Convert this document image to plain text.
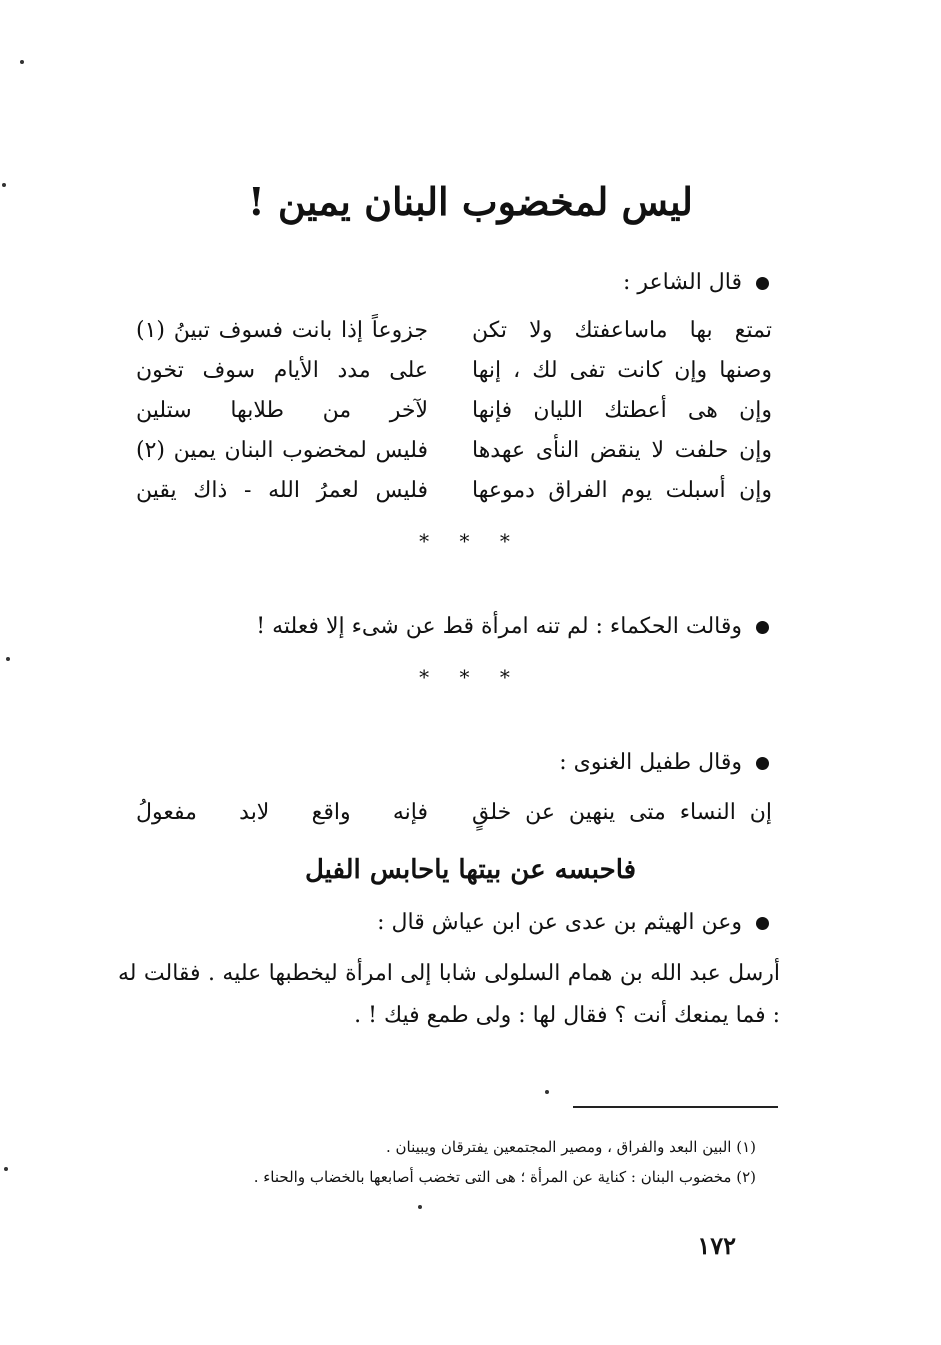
ليس لمخضوب البنان يمين !
قال الشاعر :
تمتع بها ماساعفتك ولا تكن
جزوعاً إذا بانت فسوف تبينُ (١)
وصنها وإن كانت تفى لك ، إنها
على مدد الأيام سوف تخون
وإن هى أعطتك الليان فإنها
لآخر من طلابها ستلين
وإن حلفت لا ينقض النأى عهدها
فليس لمخضوب البنان يمين (٢)
وإن أسبلت يوم الفراق دموعها
فليس لعمرُ الله - ذاك يقين
* * *
وقالت الحكماء : لم تنه امرأة قط عن شىء إلا فعلته !
* * *
وقال طفيل الغنوى :
إن النساء متى ينهين عن خلقٍ
فإنه واقع لابد مفعولُ
فاحبسه عن بيتها ياحابس الفيل
وعن الهيثم بن عدى عن ابن عياش قال :
أرسل عبد الله بن همام السلولى شابا إلى امرأة ليخطبها عليه . فقالت له : فما يمنعك أنت ؟ فقال لها : ولى طمع فيك ! .
(١) البين البعد والفراق ، ومصير المجتمعين يفترقان ويبينان .
(٢) مخضوب البنان : كناية عن المرأة ؛ هى التى تخضب أصابعها بالخضاب والحناء .
١٧٢
